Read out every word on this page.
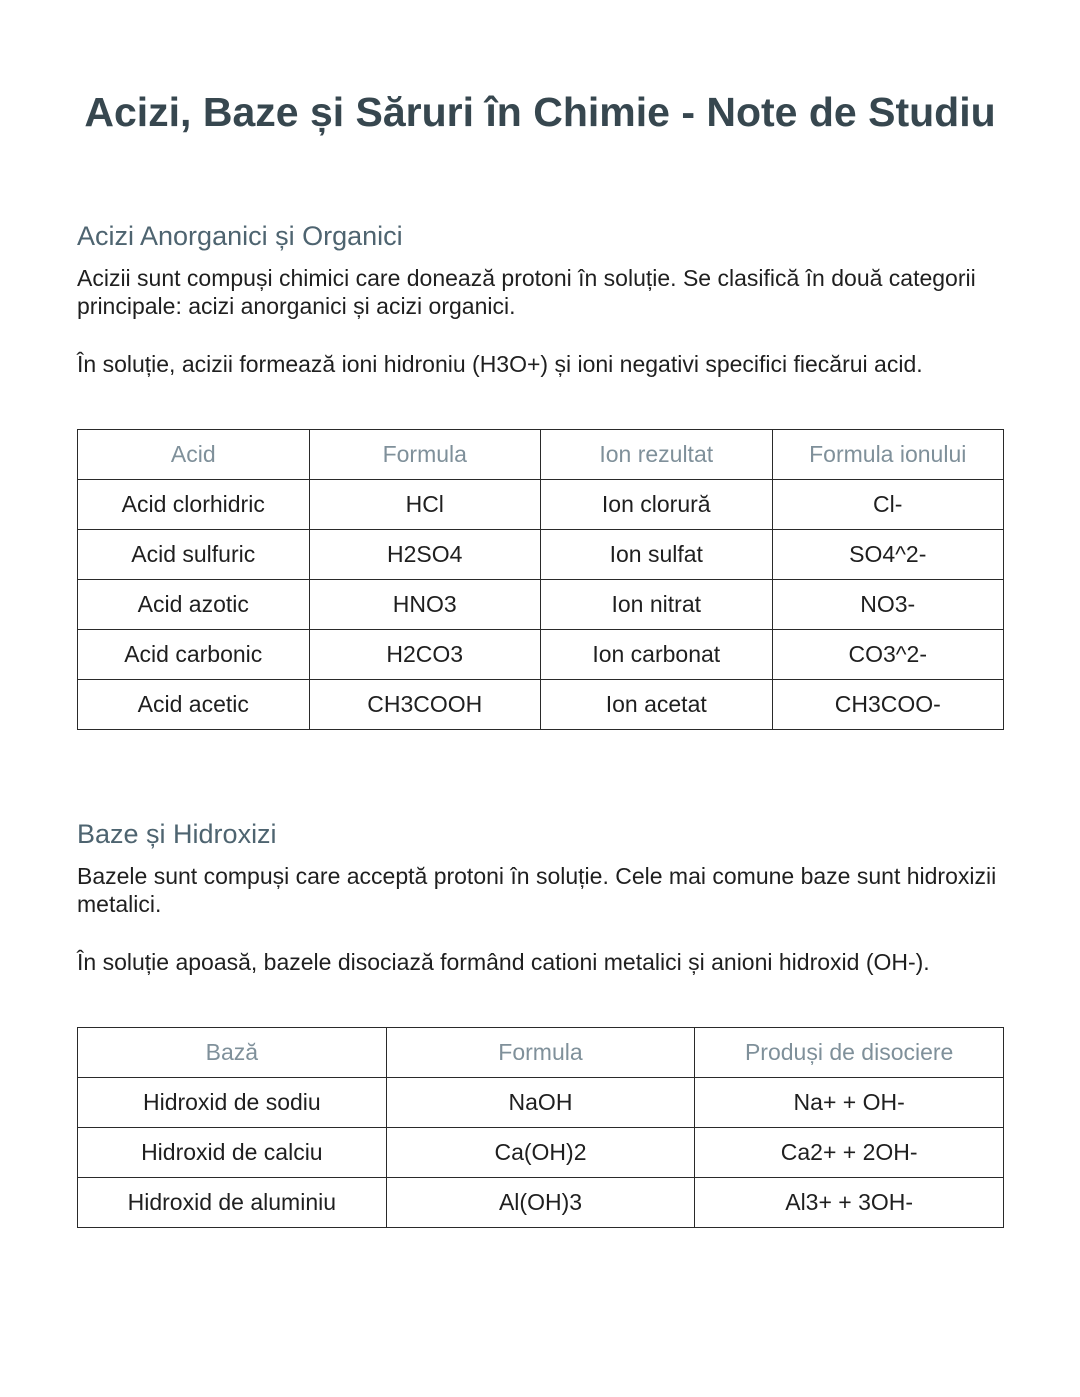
Acizi, Baze și Săruri în Chimie - Note de Studiu
Acizi Anorganici și Organici

Acizii sunt compuși chimici care donează protoni în soluție. Se clasifică în două categorii principale: acizi anorganici și acizi organici.

În soluție, acizii formează ioni hidroniu (H3O+) și ioni negativi specifici fiecărui acid.

Acid	Formula	Ion rezultat	Formula ionului
Acid clorhidric	HCl	Ion clorură	Cl-
Acid sulfuric	H2SO4	Ion sulfat	SO4^2-
Acid azotic	HNO3	Ion nitrat	NO3-
Acid carbonic	H2CO3	Ion carbonat	CO3^2-
Acid acetic	CH3COOH	Ion acetat	CH3COO-
Baze și Hidroxizi

Bazele sunt compuși care acceptă protoni în soluție. Cele mai comune baze sunt hidroxizii metalici.

În soluție apoasă, bazele disociază formând cationi metalici și anioni hidroxid (OH-).

Bază	Formula	Produși de disociere
Hidroxid de sodiu	NaOH	Na+ + OH-
Hidroxid de calciu	Ca(OH)2	Ca2+ + 2OH-
Hidroxid de aluminiu	Al(OH)3	Al3+ + 3OH-
